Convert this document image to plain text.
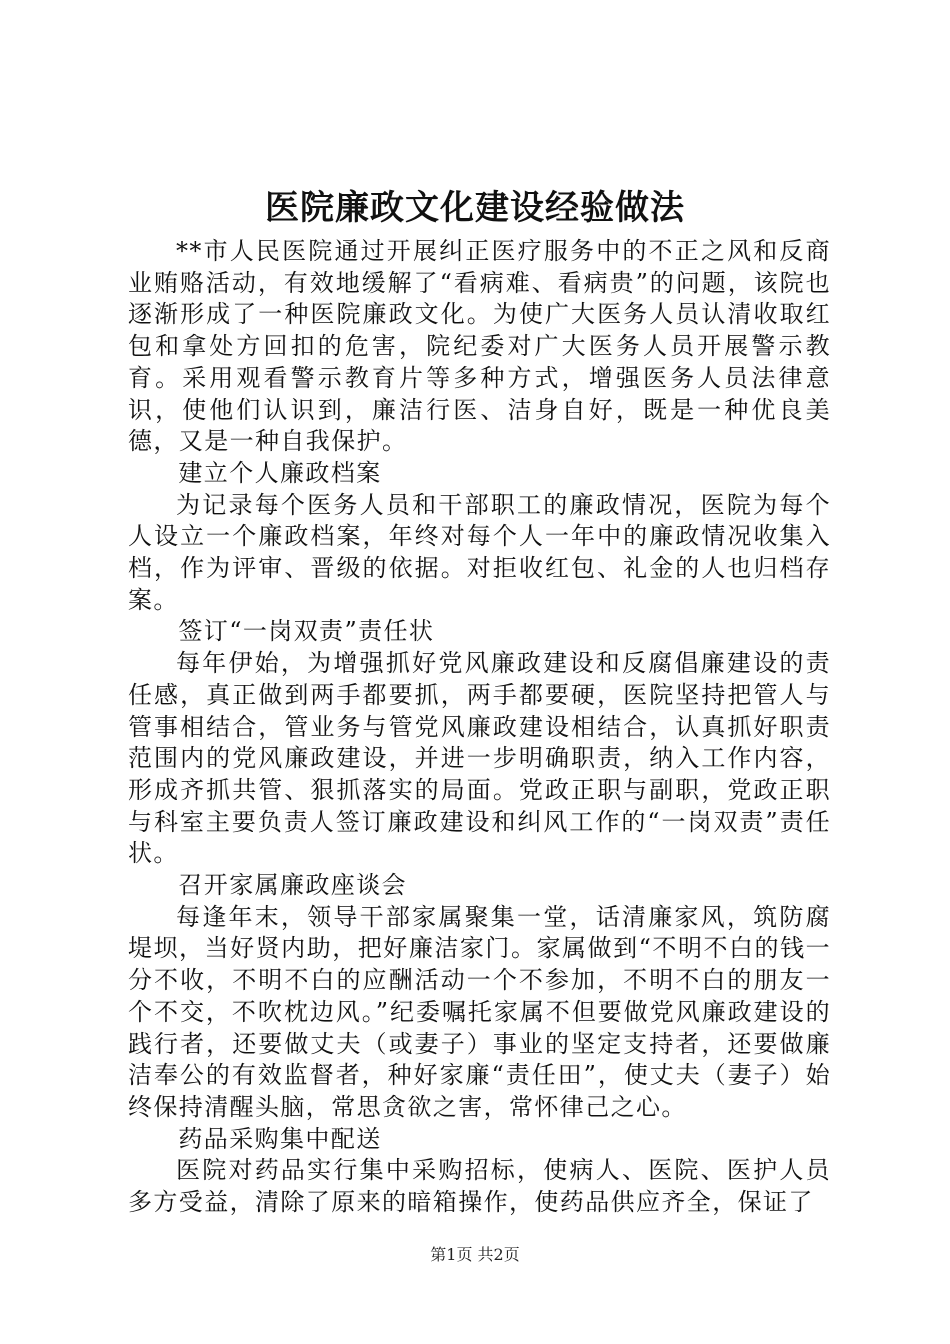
医院廉政文化建设经验做法

**市人民医院通过开展纠正医疗服务中的不正之风和反商业贿赂活动，有效地缓解了“看病难、看病贵”的问题，该院也逐渐形成了一种医院廉政文化。为使广大医务人员认清收取红包和拿处方回扣的危害，院纪委对广大医务人员开展警示教育。采用观看警示教育片等多种方式，增强医务人员法律意识，使他们认识到，廉洁行医、洁身自好，既是一种优良美德，又是一种自我保护。

建立个人廉政档案

为记录每个医务人员和干部职工的廉政情况，医院为每个人设立一个廉政档案，年终对每个人一年中的廉政情况收集入档，作为评审、晋级的依据。对拒收红包、礼金的人也归档存案。

签订“一岗双责”责任状

每年伊始，为增强抓好党风廉政建设和反腐倡廉建设的责任感，真正做到两手都要抓，两手都要硬，医院坚持把管人与管事相结合，管业务与管党风廉政建设相结合，认真抓好职责范围内的党风廉政建设，并进一步明确职责，纳入工作内容，形成齐抓共管、狠抓落实的局面。党政正职与副职，党政正职与科室主要负责人签订廉政建设和纠风工作的“一岗双责”责任状。

召开家属廉政座谈会

每逢年末，领导干部家属聚集一堂，话清廉家风，筑防腐堤坝，当好贤内助，把好廉洁家门。家属做到“不明不白的钱一分不收，不明不白的应酬活动一个不参加，不明不白的朋友一个不交，不吹枕边风。”纪委嘱托家属不但要做党风廉政建设的践行者，还要做丈夫（或妻子）事业的坚定支持者，还要做廉洁奉公的有效监督者，种好家廉“责任田”，使丈夫（妻子）始终保持清醒头脑，常思贪欲之害，常怀律己之心。

药品采购集中配送

医院对药品实行集中采购招标，使病人、医院、医护人员多方受益，清除了原来的暗箱操作，使药品供应齐全，保证了

第1页 共2页
